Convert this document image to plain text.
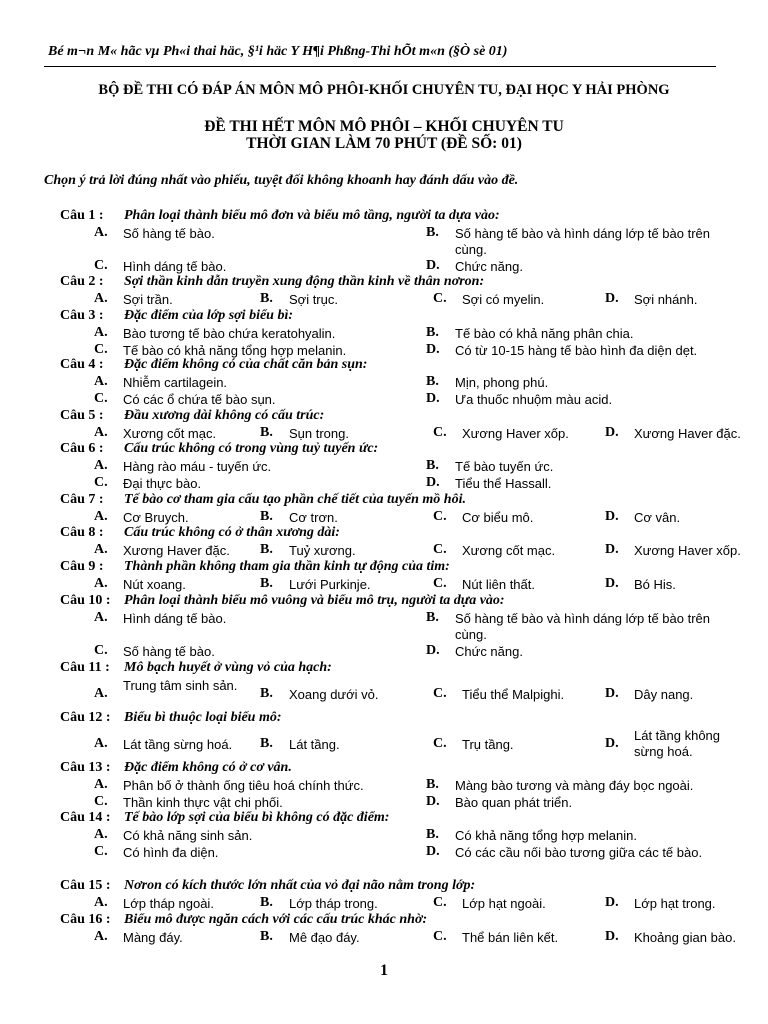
Bé m¬n M« hãc vµ Ph«i thai häc, §¹i häc Y H¶i Phßng-Thi hÕt m«n (§Ò sè 01)
BỘ ĐỀ THI CÓ ĐÁP ÁN MÔN MÔ PHÔI-KHỐI CHUYÊN TU, ĐẠI HỌC Y HẢI PHÒNG
ĐỀ THI HẾT MÔN MÔ PHÔI – KHỐI CHUYÊN TU
THỜI GIAN LÀM 70 PHÚT (ĐỀ SỐ: 01)
Chọn ý trả lời đúng nhất vào phiếu, tuyệt đối không khoanh hay đánh dấu vào đề.
Câu 1 : Phân loại thành biểu mô đơn và biểu mô tầng, người ta dựa vào:
A. Số hàng tế bào.	B. Số hàng tế bào và hình dáng lớp tế bào trên cùng.
C. Hình dáng tế bào.	D. Chức năng.
Câu 2 : Sợi thần kinh dẫn truyền xung động thần kinh về thân nơron:
A. Sợi trần.	B. Sợi trục.	C. Sợi có myelin.	D. Sợi nhánh.
Câu 3 : Đặc điểm của lớp sợi biểu bì:
A. Bào tương tế bào chứa keratohyalin.	B. Tế bào có khả năng phân chia.
C. Tế bào có khả năng tổng hợp melanin.	D. Có từ 10-15 hàng tế bào hình đa diện dẹt.
Câu 4 : Đặc điểm không có của chất căn bản sụn:
A. Nhiễm cartilagein.	B. Mịn, phong phú.
C. Có các ổ chứa tế bào sụn.	D. Ưa thuốc nhuộm màu acid.
Câu 5 : Đầu xương dài không có cấu trúc:
A. Xương cốt mạc.	B. Sụn trong.	C. Xương Haver xốp.	D. Xương Haver đặc.
Câu 6 : Cấu trúc không có trong vùng tuỷ tuyến ức:
A. Hàng rào máu - tuyến ức.	B. Tế bào tuyến ức.
C. Đại thực bào.	D. Tiểu thể Hassall.
Câu 7 : Tế bào cơ tham gia cấu tạo phần chế tiết của tuyến mồ hôi.
A. Cơ Bruych.	B. Cơ trơn.	C. Cơ biểu mô.	D. Cơ vân.
Câu 8 : Cấu trúc không có ở thân xương dài:
A. Xương Haver đặc. B. Tuỷ xương.	C. Xương cốt mạc.	D. Xương Haver xốp.
Câu 9 : Thành phần không tham gia thần kinh tự động của tim:
A. Nút xoang.	B. Lưới Purkinje.	C. Nút liên thất.	D. Bó His.
Câu 10 : Phân loại thành biểu mô vuông và biểu mô trụ, người ta dựa vào:
A. Hình dáng tế bào.	B. Số hàng tế bào và hình dáng lớp tế bào trên cùng.
C. Số hàng tế bào.	D. Chức năng.
Câu 11 : Mô bạch huyết ở vùng vỏ của hạch:
A.
Trung tâm sinh sản.
B. Xoang dưới vỏ.	C. Tiểu thể Malpighi.	D. Dây nang.
Câu 12 : Biểu bì thuộc loại biểu mô:
A. Lát tầng sừng hoá. B. Lát tầng.	C. Trụ tầng.	D.
Lát tầng không sừng hoá.
Câu 13 : Đặc điểm không có ở cơ vân.
A. Phân bố ở thành ống tiêu hoá chính thức.	B. Màng bào tương và màng đáy bọc ngoài.
C. Thần kinh thực vật chi phối.	D. Bào quan phát triển.
Câu 14 : Tế bào lớp sợi của biểu bì không có đặc điểm:
A. Có khả năng sinh sản.	B. Có khả năng tổng hợp melanin.
C. Có hình đa diện.	D. Có các cầu nối bào tương giữa các tế bào.
Câu 15 : Nơron có kích thước lớn nhất của vỏ đại não nằm trong lớp:
A. Lớp tháp ngoài.	B. Lớp tháp trong.	C. Lớp hạt ngoài.	D. Lớp hạt trong.
Câu 16 : Biểu mô được ngăn cách với các cấu trúc khác nhờ:
A. Màng đáy.	B. Mê đạo đáy.	C. Thể bán liên kết.	D. Khoảng gian bào.
1
